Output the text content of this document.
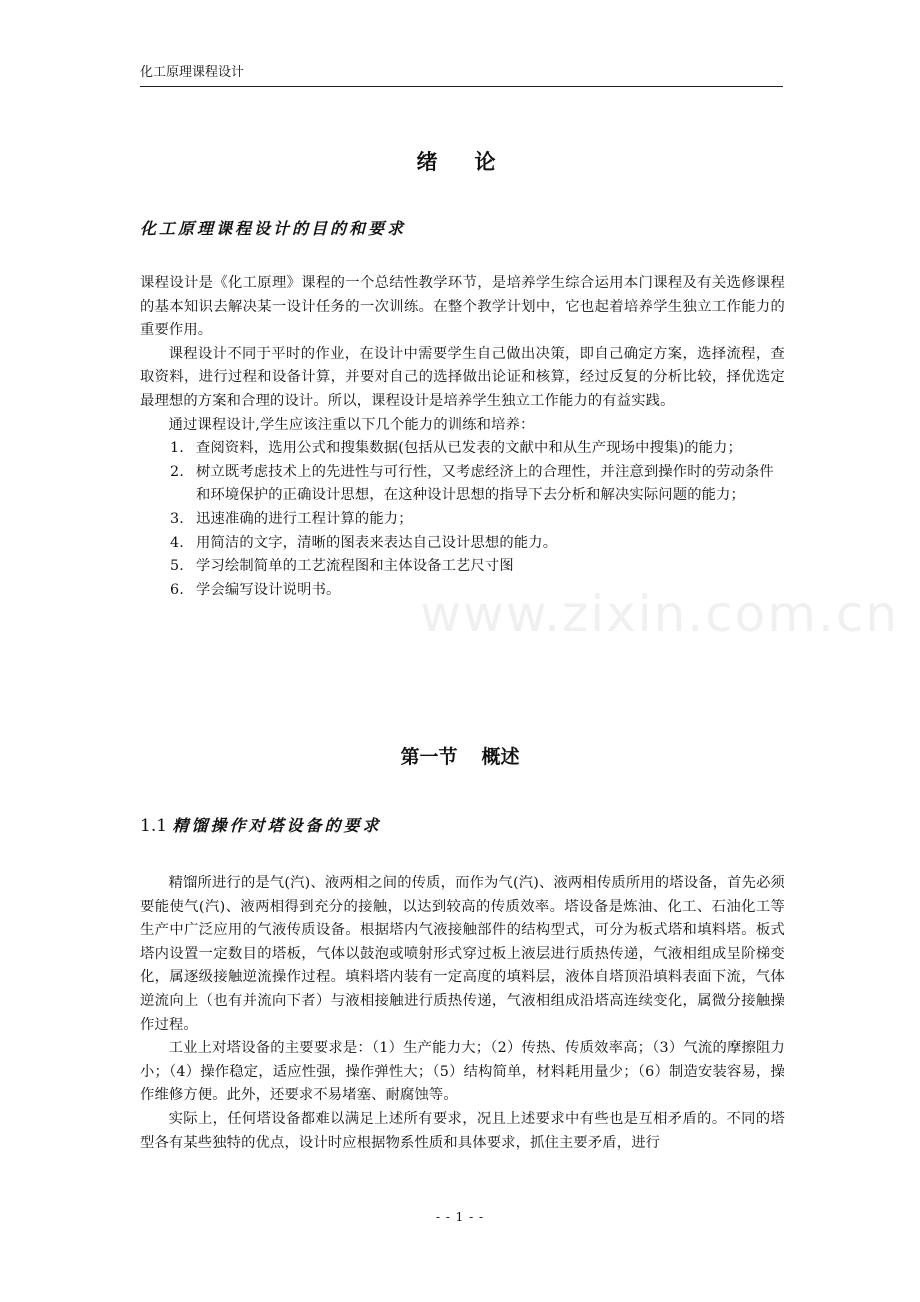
化工原理课程设计
绪　论
化工原理课程设计的目的和要求

课程设计是《化工原理》课程的一个总结性教学环节，是培养学生综合运用本门课程及有关选修课程的基本知识去解决某一设计任务的一次训练。在整个教学计划中，它也起着培养学生独立工作能力的重要作用。

课程设计不同于平时的作业，在设计中需要学生自己做出决策，即自己确定方案，选择流程，查取资料，进行过程和设备计算，并要对自己的选择做出论证和核算，经过反复的分析比较，择优选定最理想的方案和合理的设计。所以，课程设计是培养学生独立工作能力的有益实践。

通过课程设计,学生应该注重以下几个能力的训练和培养：

1. 查阅资料，选用公式和搜集数据(包括从已发表的文献中和从生产现场中搜集)的能力；
2. 树立既考虑技术上的先进性与可行性，又考虑经济上的合理性，并注意到操作时的劳动条件和环境保护的正确设计思想，在这种设计思想的指导下去分析和解决实际问题的能力；
3. 迅速准确的进行工程计算的能力；
4. 用简洁的文字，清晰的图表来表达自己设计思想的能力。
5. 学习绘制简单的工艺流程图和主体设备工艺尺寸图
6. 学会编写设计说明书。	www.zixin.com.cn
第一节 概述
1.1 精馏操作对塔设备的要求

精馏所进行的是气(汽)、液两相之间的传质，而作为气(汽)、液两相传质所用的塔设备，首先必须要能使气(汽)、液两相得到充分的接触，以达到较高的传质效率。塔设备是炼油、化工、石油化工等生产中广泛应用的气液传质设备。根据塔内气液接触部件的结构型式，可分为板式塔和填料塔。板式塔内设置一定数目的塔板，气体以鼓泡或喷射形式穿过板上液层进行质热传递，气液相组成呈阶梯变化，属逐级接触逆流操作过程。填料塔内装有一定高度的填料层，液体自塔顶沿填料表面下流，气体逆流向上（也有并流向下者）与液相接触进行质热传递，气液相组成沿塔高连续变化，属微分接触操作过程。

工业上对塔设备的主要要求是：（1）生产能力大；（2）传热、传质效率高；（3）气流的摩擦阻力小；（4）操作稳定，适应性强，操作弹性大；（5）结构简单，材料耗用量少；（6）制造安装容易，操作维修方便。此外，还要求不易堵塞、耐腐蚀等。

实际上，任何塔设备都难以满足上述所有要求，况且上述要求中有些也是互相矛盾的。不同的塔型各有某些独特的优点，设计时应根据物系性质和具体要求，抓住主要矛盾，进行

- - 1 - -
